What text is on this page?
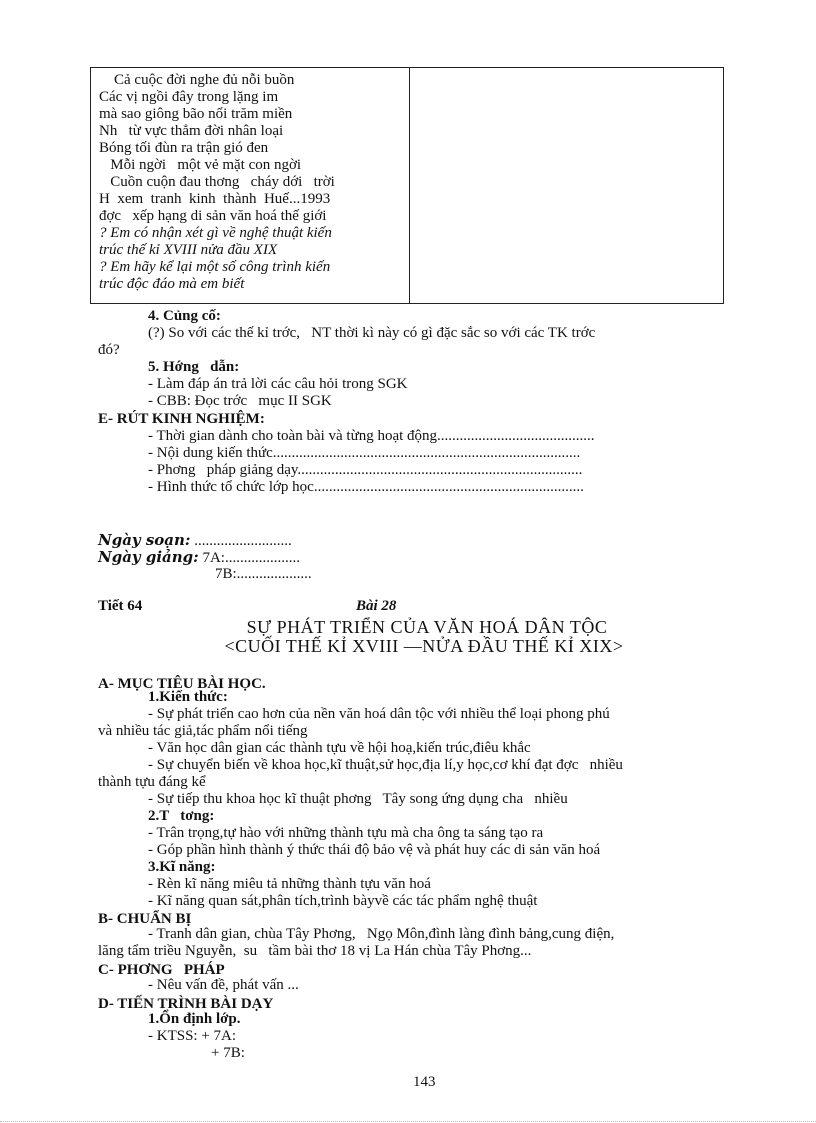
Cả cuộc đời nghe đủ nỗi buồn
Các vị ngồi đây trong lặng im
mà sao giông bão nổi trăm miền
Nh   từ vực thẳm đời nhân loại
Bóng tối đùn ra trận gió đen
Mỗi ngời   một vẻ mặt con ngời
Cuồn cuộn đau thơng   cháy dới   trời
H  xem  tranh  kinh  thành  Huế...1993
đợc   xếp hạng di sản văn hoá thế giới
? Em có nhận xét gì về nghệ thuật kiến
trúc thế kỉ XVIII nửa đầu XIX
? Em hãy kể lại một số công trình kiến
trúc độc đáo mà em biết
4. Củng cố:
(?) So với các thế kỉ trớc,   NT thời kì này có gì đặc sắc so với các TK trớc
đó?
5. Hớng   dẫn:
- Làm đáp án trả lời các câu hỏi trong SGK
- CBB: Đọc trớc   mục II SGK
E- RÚT KINH NGHIỆM:
- Thời gian dành cho toàn bài và từng hoạt động..........................................
- Nội dung kiến thức..................................................................................
- Phơng   pháp giảng dạy............................................................................
- Hình thức tổ chức lớp học........................................................................
Ngày soạn: ..........................
Ngày giảng: 7A:....................
7B:....................
Tiết 64	Bài 28
SỰ PHÁT TRIỂN CỦA VĂN HOÁ DÂN TỘC
<CUỐI THẾ KỈ XVIII —NỬA ĐẦU THẾ KỈ XIX>
A- MỤC TIÊU BÀI HỌC.
1.Kiến thức:
- Sự phát triển cao hơn của nền văn hoá dân tộc với nhiều thể loại phong phú
và nhiều tác giả,tác phẩm nổi tiếng
- Văn học dân gian các thành tựu về hội hoạ,kiến trúc,điêu khắc
- Sự chuyển biến về khoa học,kĩ thuật,sử học,địa lí,y học,cơ khí đạt đợc   nhiều
thành tựu đáng kể
- Sự tiếp thu khoa học kĩ thuật phơng   Tây song ứng dụng cha   nhiều
2.T   tơng:
- Trân trọng,tự hào với những thành tựu mà cha ông ta sáng tạo ra
- Góp phần hình thành ý thức thái độ bảo vệ và phát huy các di sản văn hoá
3.Kĩ năng:
- Rèn kĩ năng miêu tả những thành tựu văn hoá
- Kĩ năng quan sát,phân tích,trình bàyvề các tác phẩm nghệ thuật
B- CHUẨN BỊ
- Tranh dân gian, chùa Tây Phơng,   Ngọ Môn,đình làng đình bảng,cung điện,
lăng tẩm triều Nguyễn,  su   tầm bài thơ 18 vị La Hán chùa Tây Phơng...
C- PHƠNG   PHÁP
- Nêu vấn đề, phát vấn ...
D- TIẾN TRÌNH BÀI DẠY
1.Ổn định lớp.
- KTSS: + 7A:
+ 7B:
143
